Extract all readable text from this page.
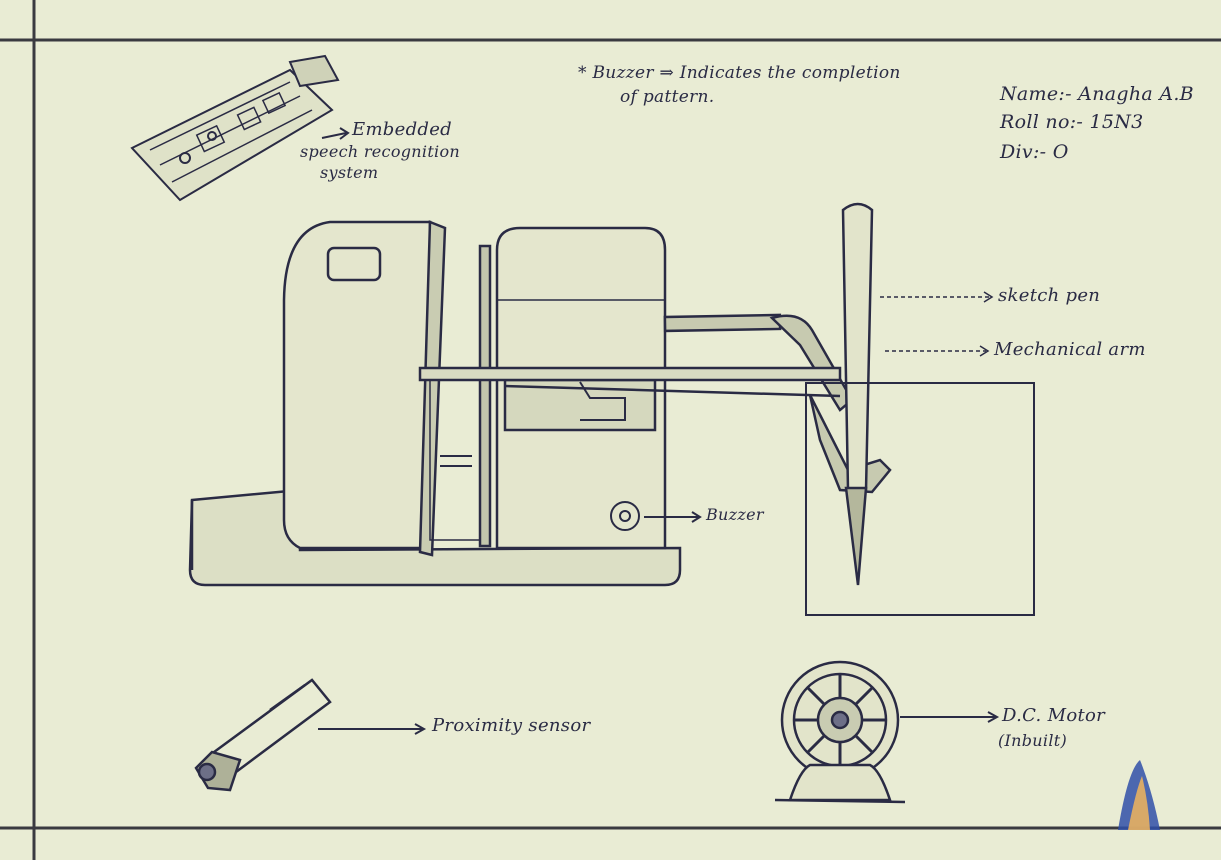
* Buzzer ⇒ Indicates the completion
of pattern.	Name:- Anagha A.B
Roll no:- 15N3
Div:- O
Embedded
speech recognition
system
sketch pen
Mechanical arm
Buzzer
Proximity sensor	D.C. Motor
(Inbuilt)
